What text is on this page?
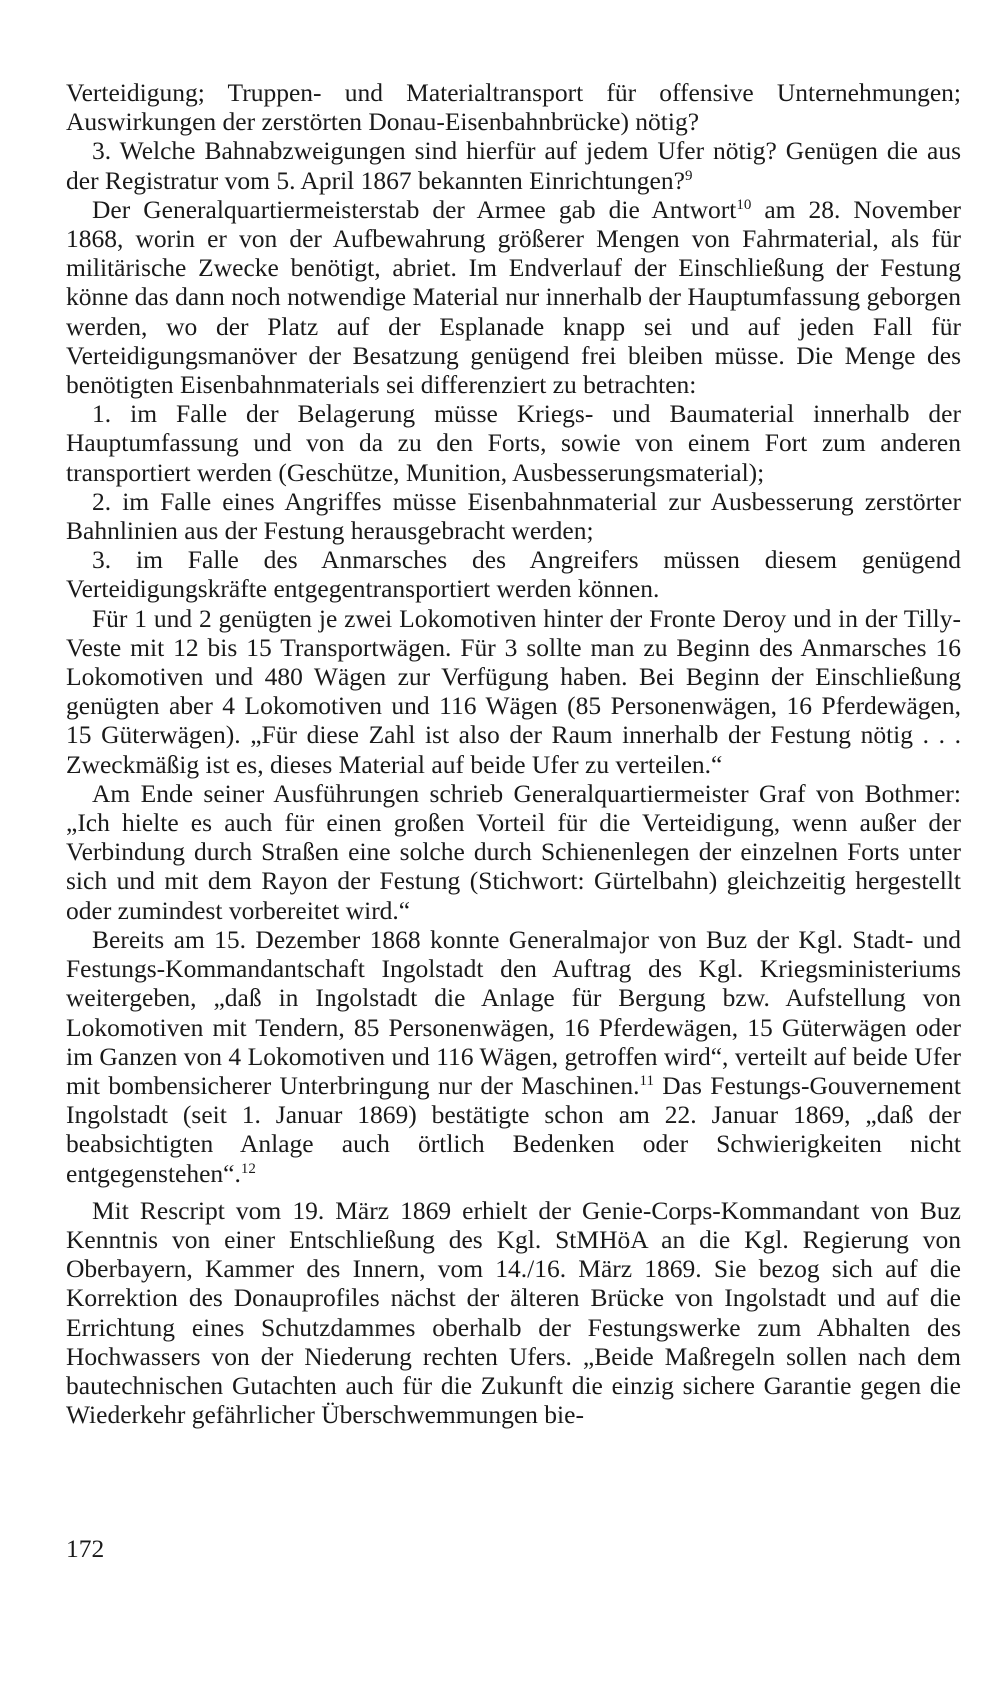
Verteidigung; Truppen- und Materialtransport für offensive Unternehmungen; Auswirkungen der zerstörten Donau-Eisenbahnbrücke) nötig?

3. Welche Bahnabzweigungen sind hierfür auf jedem Ufer nötig? Genügen die aus der Registratur vom 5. April 1867 bekannten Einrichtungen?$^9$

Der Generalquartiermeisterstab der Armee gab die Antwort$^{10}$ am 28. November 1868, worin er von der Aufbewahrung größerer Mengen von Fahrmaterial, als für militärische Zwecke benötigt, abriet. Im Endverlauf der Einschließung der Festung könne das dann noch notwendige Material nur innerhalb der Hauptumfassung geborgen werden, wo der Platz auf der Esplanade knapp sei und auf jeden Fall für Verteidigungsmanöver der Besatzung genügend frei bleiben müsse. Die Menge des benötigten Eisenbahnmaterials sei differenziert zu betrachten:

1. im Falle der Belagerung müsse Kriegs- und Baumaterial innerhalb der Hauptumfassung und von da zu den Forts, sowie von einem Fort zum anderen transportiert werden (Geschütze, Munition, Ausbesserungsmaterial);

2. im Falle eines Angriffes müsse Eisenbahnmaterial zur Ausbesserung zerstörter Bahnlinien aus der Festung herausgebracht werden;

3. im Falle des Anmarsches des Angreifers müssen diesem genügend Verteidigungskräfte entgegentransportiert werden können.

Für 1 und 2 genügten je zwei Lokomotiven hinter der Fronte Deroy und in der Tilly-Veste mit 12 bis 15 Transportwägen. Für 3 sollte man zu Beginn des Anmarsches 16 Lokomotiven und 480 Wägen zur Verfügung haben. Bei Beginn der Einschließung genügten aber 4 Lokomotiven und 116 Wägen (85 Personenwägen, 16 Pferdewägen, 15 Güterwägen). „Für diese Zahl ist also der Raum innerhalb der Festung nötig . . . Zweckmäßig ist es, dieses Material auf beide Ufer zu verteilen.“

Am Ende seiner Ausführungen schrieb Generalquartiermeister Graf von Bothmer: „Ich hielte es auch für einen großen Vorteil für die Verteidigung, wenn außer der Verbindung durch Straßen eine solche durch Schienenlegen der einzelnen Forts unter sich und mit dem Rayon der Festung (Stichwort: Gürtelbahn) gleichzeitig hergestellt oder zumindest vorbereitet wird.“

Bereits am 15. Dezember 1868 konnte Generalmajor von Buz der Kgl. Stadt- und Festungs-Kommandantschaft Ingolstadt den Auftrag des Kgl. Kriegsministeriums weitergeben, „daß in Ingolstadt die Anlage für Bergung bzw. Aufstellung von Lokomotiven mit Tendern, 85 Personenwägen, 16 Pferdewägen, 15 Güterwägen oder im Ganzen von 4 Lokomotiven und 116 Wägen, getroffen wird“, verteilt auf beide Ufer mit bombensicherer Unterbringung nur der Maschinen.$^{11}$ Das Festungs-Gouvernement Ingolstadt (seit 1. Januar 1869) bestätigte schon am 22. Januar 1869, „daß der beabsichtigten Anlage auch örtlich Bedenken oder Schwierigkeiten nicht entgegenstehen“.$^{12}$

Mit Rescript vom 19. März 1869 erhielt der Genie-Corps-Kommandant von Buz Kenntnis von einer Entschließung des Kgl. StMHöA an die Kgl. Regierung von Oberbayern, Kammer des Innern, vom 14./16. März 1869. Sie bezog sich auf die Korrektion des Donauprofiles nächst der älteren Brücke von Ingolstadt und auf die Errichtung eines Schutzdammes oberhalb der Festungswerke zum Abhalten des Hochwassers von der Niederung rechten Ufers. „Beide Maßregeln sollen nach dem bautechnischen Gutachten auch für die Zukunft die einzig sichere Garantie gegen die Wiederkehr gefährlicher Überschwemmungen bie-

172
